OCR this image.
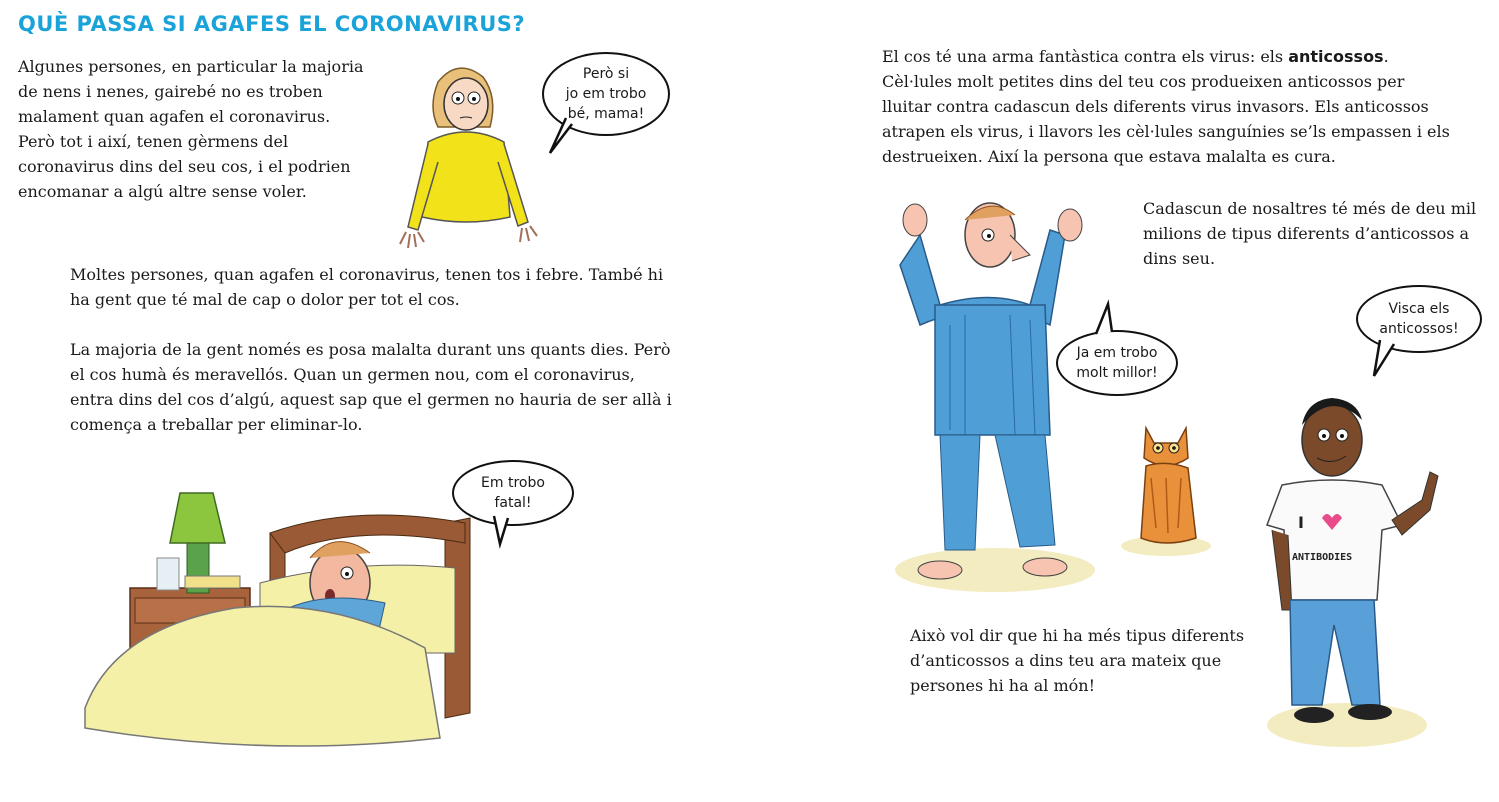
QUÈ PASSA SI AGAFES EL CORONAVIRUS?
Algunes persones, en particular la majoria
de nens i nenes, gairebé no es troben
malament quan agafen el coronavirus.
Però tot i així, tenen gèrmens del
coronavirus dins del seu cos, i el podrien
encomanar a algú altre sense voler.
Però si
jo em trobo
bé, mama!
Moltes persones, quan agafen el coronavirus, tenen tos i febre. També hi
ha gent que té mal de cap o dolor per tot el cos.
La majoria de la gent només es posa malalta durant uns quants dies. Però
el cos humà és meravellós. Quan un germen nou, com el coronavirus,
entra dins del cos d’algú, aquest sap que el germen no hauria de ser allà i
comença a treballar per eliminar-lo.
Em trobo
fatal!
El cos té una arma fantàstica contra els virus: els anticossos.
Cèl·lules molt petites dins del teu cos produeixen anticossos per
lluitar contra cadascun dels diferents virus invasors. Els anticossos
atrapen els virus, i llavors les cèl·lules sanguínies se’ls empassen i els
destrueixen. Així la persona que estava malalta es cura.
Ja em trobo
molt millor!
Cadascun de nosaltres té més de deu mil
milions de tipus diferents d’anticossos a
dins seu.
Visca els
anticossos!
I
ANTIBODIES
Això vol dir que hi ha més tipus diferents
d’anticossos a dins teu ara mateix que
persones hi ha al món!
